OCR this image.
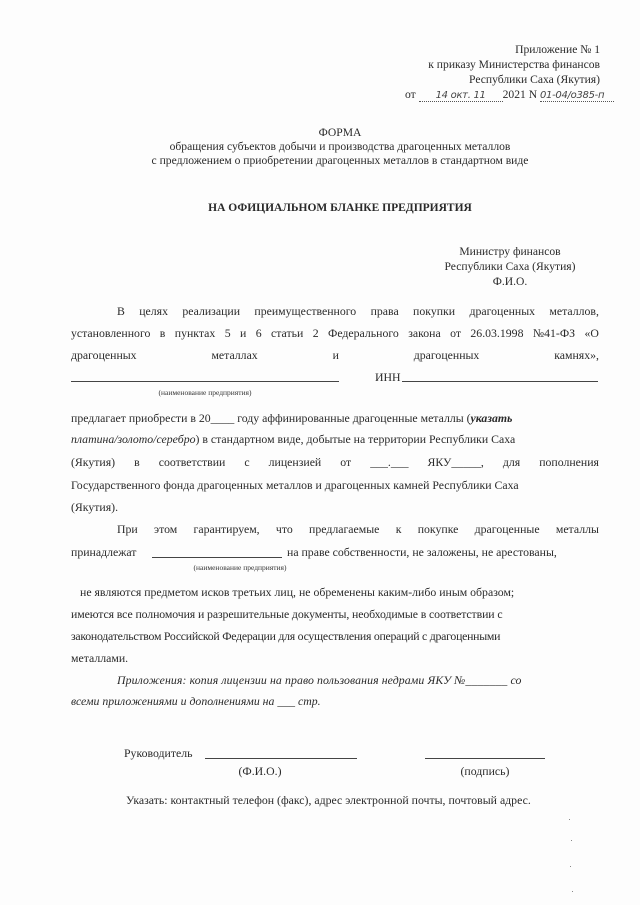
Приложение № 1
к приказу Министерства финансов
Республики Саха (Якутия)
от 14 окт. 11 2021 N 01-04/о385-п
ФОРМА
обращения субъектов добычи и производства драгоценных металлов
с предложением о приобретении драгоценных металлов в стандартном виде
НА ОФИЦИАЛЬНОМ БЛАНКЕ ПРЕДПРИЯТИЯ
Министру финансов
Республики Саха (Якутия)
Ф.И.О.
В целях реализации преимущественного права покупки драгоценных металлов,
установленного в пунктах 5 и 6 статьи 2 Федерального закона от 26.03.1998 №41-ФЗ «О
драгоценных	металлах	и	драгоценных	камнях»,
ИНН
(наименование предприятия)
предлагает приобрести в 20____ году аффинированные драгоценные металлы (указать
платина/золото/серебро) в стандартном виде, добытые на территории Республики Саха
(Якутия) в соответствии с лицензией от ___.___ ЯКУ_____, для пополнения
Государственного фонда драгоценных металлов и драгоценных камней Республики Саха
(Якутия).
При этом гарантируем, что предлагаемые к покупке драгоценные металлы
принадлежат	на праве собственности, не заложены, не арестованы,
(наименование предприятия)
не являются предметом исков третьих лиц, не обременены каким-либо иным образом;
имеются все полномочия и разрешительные документы, необходимые в соответствии с
законодательством Российской Федерации для осуществления операций с драгоценными
металлами.
Приложения: копия лицензии на право пользования недрами ЯКУ №_______ со
всеми приложениями и дополнениями на ___ стр.
Руководитель
(Ф.И.О.)	(подпись)
Указать: контактный телефон (факс), адрес электронной почты, почтовый адрес.
